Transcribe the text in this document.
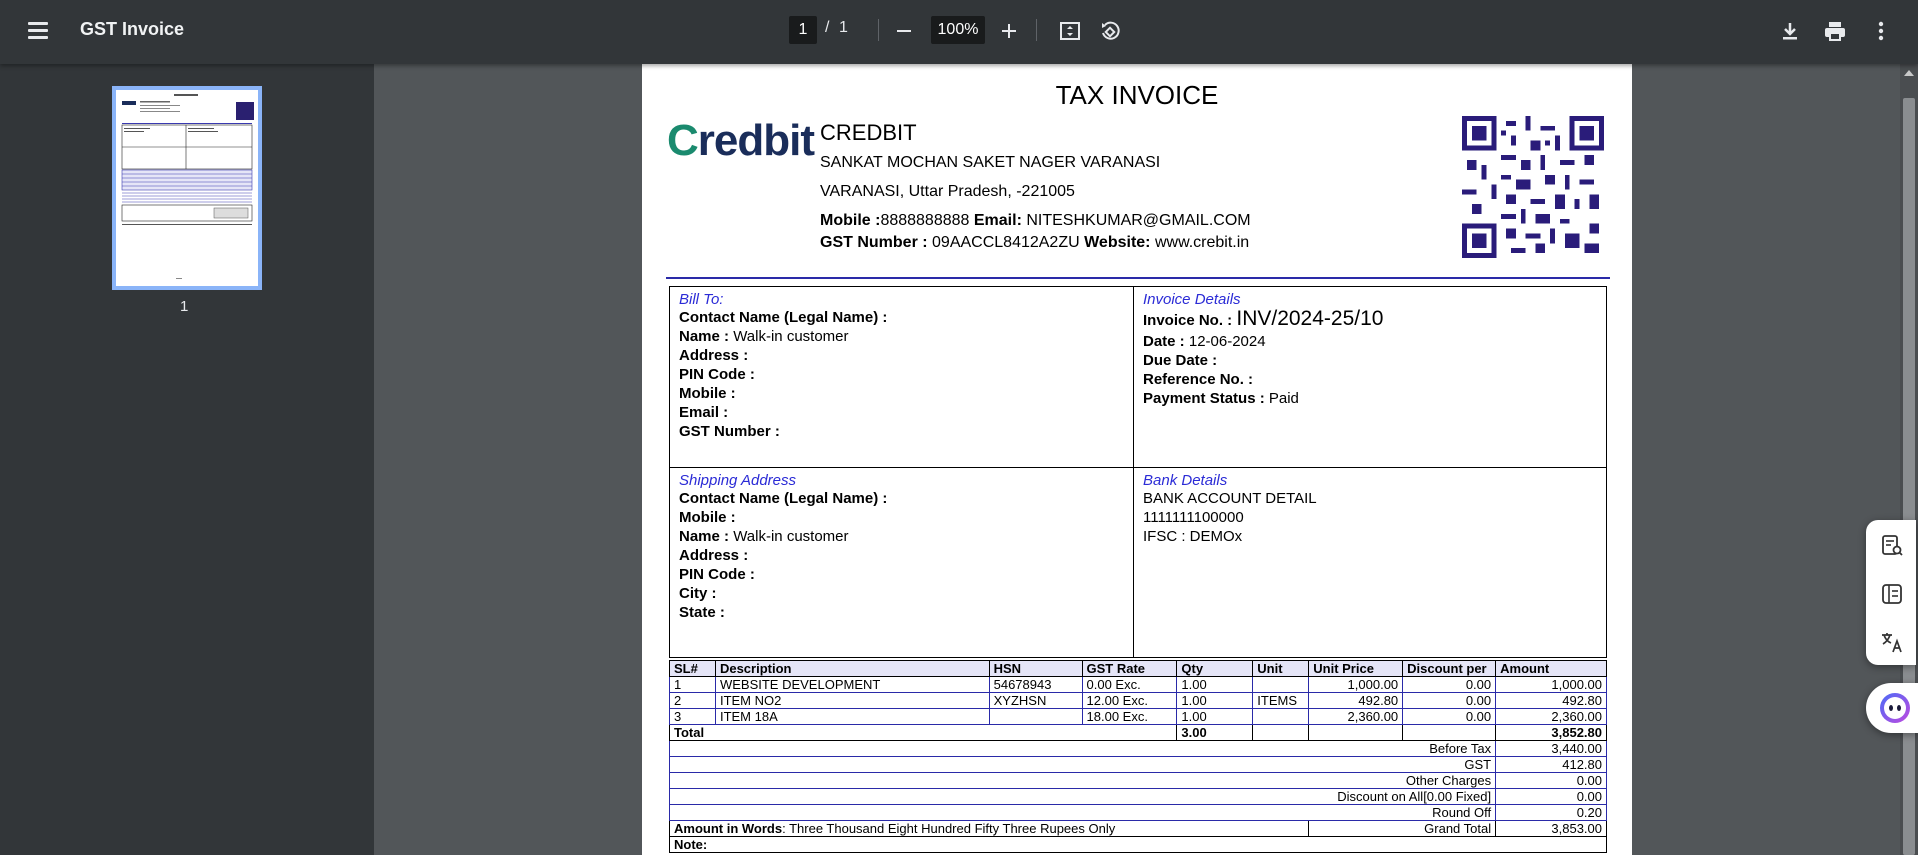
GST Invoice	1	/ 1	100%
1
TAX INVOICE
Credbit CREDBIT
SANKAT MOCHAN SAKET NAGER VARANASI
VARANASI, Uttar Pradesh, -221005
Mobile :8888888888 Email: NITESHKUMAR@GMAIL.COM
GST Number : 09AACCL8412A2ZU Website: www.crebit.in
Bill To:
Contact Name (Legal Name) :
Name : Walk-in customer
Address :
PIN Code :
Mobile :
Email :
GST Number :
Invoice Details
Invoice No. : INV/2024-25/10
Date : 12-06-2024
Due Date :
Reference No. :
Payment Status : Paid
Shipping Address
Contact Name (Legal Name) :
Mobile :
Name : Walk-in customer
Address :
PIN Code :
City :
State :
Bank Details
BANK ACCOUNT DETAIL
1111111100000
IFSC : DEMOx
SL#	Description	HSN	GST Rate	Qty	Unit	Unit Price	Discount per	Amount
1	WEBSITE DEVELOPMENT	54678943	0.00 Exc.	1.00		1,000.00	0.00	1,000.00
2	ITEM NO2	XYZHSN	12.00 Exc.	1.00	ITEMS	492.80	0.00	492.80
3	ITEM 18A		18.00 Exc.	1.00		2,360.00	0.00	2,360.00
Total				3.00				3,852.80
Before Tax								3,440.00
GST								412.80
Other Charges								0.00
Discount on All[0.00 Fixed]								0.00
Round Off								0.20
Amount in Words: Three Thousand Eight Hundred Fifty Three Rupees Only						Grand Total		3,853.00
Note:								
